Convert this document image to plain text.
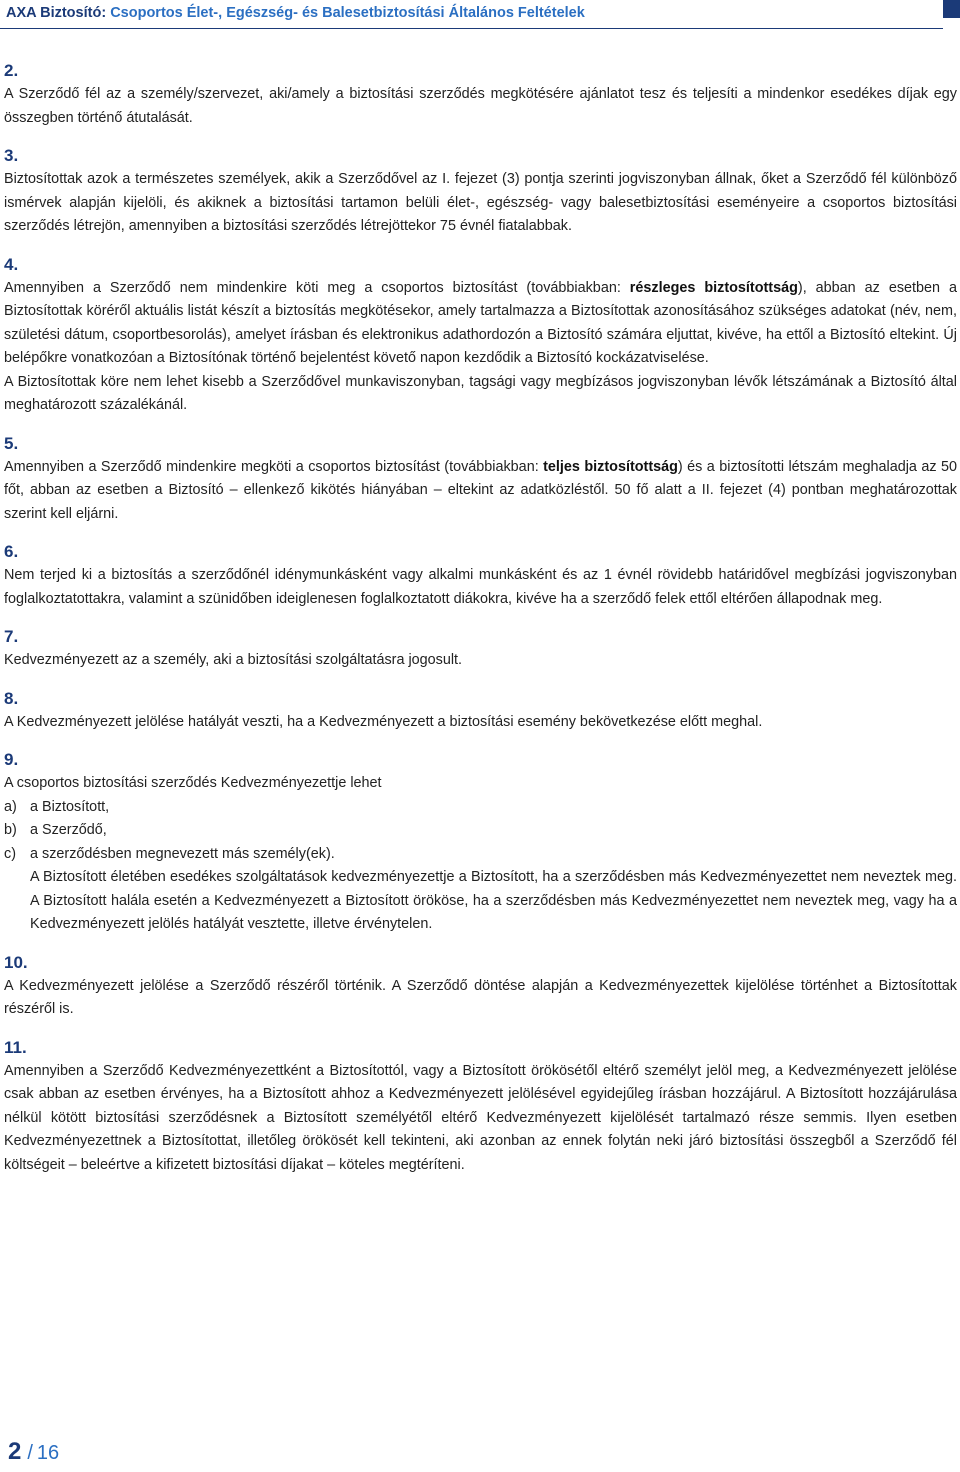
AXA Biztosító: Csoportos Élet-, Egészség- és Balesetbiztosítási Általános Feltételek
2.

A Szerződő fél az a személy/szervezet, aki/amely a biztosítási szerződés megkötésére ajánlatot tesz és teljesíti a mindenkor esedékes díjak egy összegben történő átutalását.

3.

Biztosítottak azok a természetes személyek, akik a Szerződővel az I. fejezet (3) pontja szerinti jogviszonyban állnak, őket a Szerződő fél különböző ismérvek alapján kijelöli, és akiknek a biztosítási tartamon belüli élet-, egészség- vagy balesetbiztosítási eseményeire a csoportos biztosítási szerződés létrejön, amennyiben a biztosítási szerződés létrejöttekor 75 évnél fiatalabbak.

4.

Amennyiben a Szerződő nem mindenkire köti meg a csoportos biztosítást (továbbiakban: részleges biztosítottság), abban az esetben a Biztosítottak köréről aktuális listát készít a biztosítás megkötésekor, amely tartalmazza a Biztosítottak azonosításához szükséges adatokat (név, nem, születési dátum, csoportbesorolás), amelyet írásban és elektronikus adathordozón a Biztosító számára eljuttat, kivéve, ha ettől a Biztosító eltekint. Új belépőkre vonatkozóan a Biztosítónak történő bejelentést követő napon kezdődik a Biztosító kockázatviselése.

A Biztosítottak köre nem lehet kisebb a Szerződővel munkaviszonyban, tagsági vagy megbízásos jogviszonyban lévők létszámának a Biztosító által meghatározott százalékánál.

5.

Amennyiben a Szerződő mindenkire megköti a csoportos biztosítást (továbbiakban: teljes biztosítottság) és a biztosítotti létszám meghaladja az 50 főt, abban az esetben a Biztosító – ellenkező kikötés hiányában – eltekint az adatközléstől. 50 fő alatt a II. fejezet (4) pontban meghatározottak szerint kell eljárni.

6.

Nem terjed ki a biztosítás a szerződőnél idénymunkásként vagy alkalmi munkásként és az 1 évnél rövidebb határidővel megbízási jogviszonyban foglalkoztatottakra, valamint a szünidőben ideiglenesen foglalkoztatott diákokra, kivéve ha a szerződő felek ettől eltérően állapodnak meg.

7.

Kedvezményezett az a személy, aki a biztosítási szolgáltatásra jogosult.

8.

A Kedvezményezett jelölése hatályát veszti, ha a Kedvezményezett a biztosítási esemény bekövetkezése előtt meghal.

9.

A csoportos biztosítási szerződés Kedvezményezettje lehet

a) a Biztosított,
b) a Szerződő,
c) a szerződésben megnevezett más személy(ek).

A Biztosított életében esedékes szolgáltatások kedvezményezettje a Biztosított, ha a szerződésben más Kedvezményezettet nem neveztek meg. A Biztosított halála esetén a Kedvezményezett a Biztosított örököse, ha a szerződésben más Kedvezményezettet nem neveztek meg, vagy ha a Kedvezményezett jelölés hatályát vesztette, illetve érvénytelen.

10.

A Kedvezményezett jelölése a Szerződő részéről történik. A Szerződő döntése alapján a Kedvezményezettek kijelölése történhet a Biztosítottak részéről is.

11.

Amennyiben a Szerződő Kedvezményezettként a Biztosítottól, vagy a Biztosított örökösétől eltérő személyt jelöl meg, a Kedvezményezett jelölése csak abban az esetben érvényes, ha a Biztosított ahhoz a Kedvezményezett jelölésével egyidejűleg írásban hozzájárul. A Biztosított hozzájárulása nélkül kötött biztosítási szerződésnek a Biztosított személyétől eltérő Kedvezményezett kijelölését tartalmazó része semmis. Ilyen esetben Kedvezményezettnek a Biztosítottat, illetőleg örökösét kell tekinteni, aki azonban az ennek folytán neki járó biztosítási összegből a Szerződő fél költségeit – beleértve a kifizetett biztosítási díjakat – köteles megtéríteni.

2 / 16
